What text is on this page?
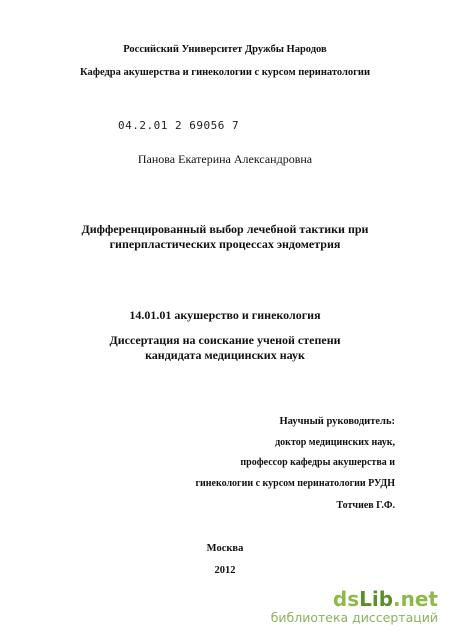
Российский Университет Дружбы Народов
Кафедра акушерства и гинекологии с курсом перинатологии
04.2.01 2 69056 7
Панова Екатерина Александровна
Дифференцированный выбор лечебной тактики при гиперпластических процессах эндометрия
14.01.01 акушерство и гинекология
Диссертация на соискание ученой степени кандидата медицинских наук
Научный руководитель:
доктор медицинских наук,
профессор кафедры акушерства и
гинекологии с курсом перинатологии РУДН
Тотчиев Г.Ф.
Москва
2012
dsLib.net
библиотека диссертаций
